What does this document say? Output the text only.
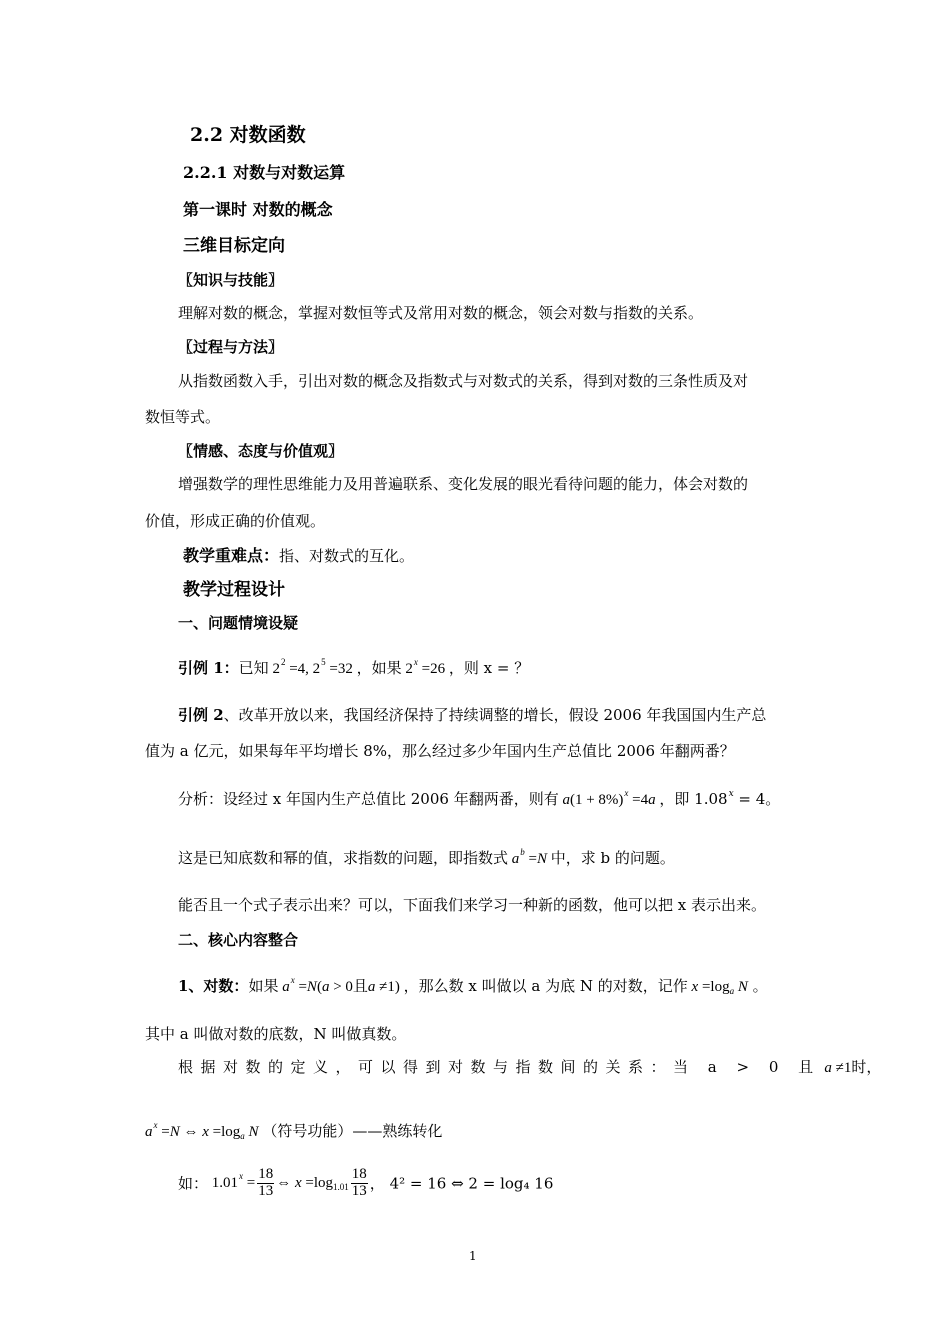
2.2 对数函数
2.2.1 对数与对数运算
第一课时 对数的概念
三维目标定向
〖知识与技能〗
理解对数的概念，掌握对数恒等式及常用对数的概念，领会对数与指数的关系。
〖过程与方法〗
从指数函数入手，引出对数的概念及指数式与对数式的关系，得到对数的三条性质及对
数恒等式。
〖情感、态度与价值观〗
增强数学的理性思维能力及用普遍联系、变化发展的眼光看待问题的能力，体会对数的
价值，形成正确的价值观。
教学重难点：指、对数式的互化。
教学过程设计
一、问题情境设疑
引例 1：已知 $2^2 =4$, $2^5 =32$ ，如果 $2^x =26$ ，则 x = ？
引例 2、改革开放以来，我国经济保持了持续调整的增长，假设 2006 年我国国内生产总
值为 a 亿元，如果每年平均增长 8%，那么经过多少年国内生产总值比 2006 年翻两番？
分析：设经过 x 年国内生产总值比 2006 年翻两番，则有 $a(1 + 8\%)^x =4a$ ，即 $1.08^x = 4$。
这是已知底数和幂的值，求指数的问题，即指数式 $a^b =N$ 中，求 b 的问题。
能否且一个式子表示出来？可以，下面我们来学习一种新的函数，他可以把 x 表示出来。
二、核心内容整合
1、对数：如果 $a^x =N(a > 0$且a ≠1) ，那么数 x 叫做以 a 为底 N 的对数，记作 $x =\log_a$ N 。
其中 a 叫做对数的底数，N 叫做真数。
根据对数的定义，可以得到对数与指数间的关系：当 a > 0 且 a ≠1时，
$a^x =N$ ⇔ $x =\log_a$ N （符号功能）——熟练转化
如： $1.01^x = \frac{18}{13}$ ⇔ $x =\log_{1.01} \frac{18}{13}$ ， 4² = 16 ⇔ 2 = log₄ 16
1
